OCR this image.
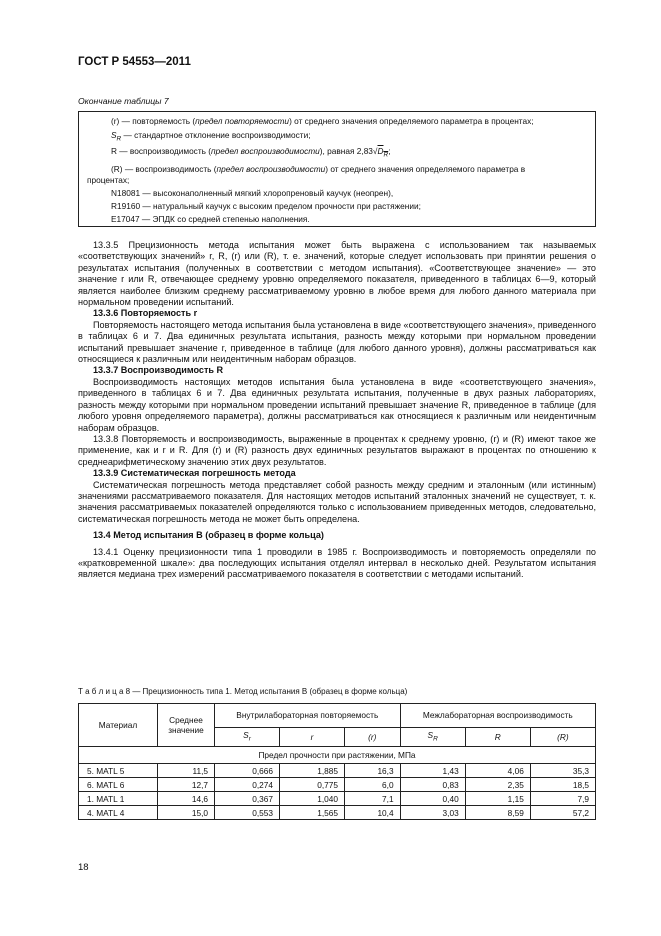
ГОСТ Р 54553—2011
Окончание таблицы 7
(r) — повторяемость (предел повторяемости) от среднего значения определяемого параметра в процентах;
$S_R$ — стандартное отклонение воспроизводимости;
R — воспроизводимость (предел воспроизводимости), равная $2,83√D_R$;
(R) — воспроизводимость (предел воспроизводимости) от среднего значения определяемого параметра в
процентах;
N18081 — высоконаполненный мягкий хлоропреновый каучук (неопрен),
R19160 — натуральный каучук с высоким пределом прочности при растяжении;
E17047 — ЭПДК со средней степенью наполнения.

13.3.5 Прецизионность метода испытания может быть выражена с использованием так называемых «соответствующих значений» r, R, (r) или (R), т. е. значений, которые следует использовать при принятии решения о результатах испытания (полученных в соответствии с методом испытания). «Соответствующее значение» — это значение r или R, отвечающее среднему уровню определяемого показателя, приведенного в таблицах 6—9, который является наиболее близким среднему рассматриваемому уровню в любое время для любого данного материала при нормальном проведении испытаний.

13.3.6 Повторяемость r

Повторяемость настоящего метода испытания была установлена в виде «соответствующего значения», приведенного в таблицах 6 и 7. Два единичных результата испытания, разность между которыми при нормальном проведении испытаний превышает значение r, приведенное в таблице (для любого данного уровня), должны рассматриваться как относящиеся к различным или неидентичным наборам образцов.

13.3.7 Воспроизводимость R

Воспроизводимость настоящих методов испытания была установлена в виде «соответствующего значения», приведенного в таблицах 6 и 7. Два единичных результата испытания, полученные в двух разных лабораториях, разность между которыми при нормальном проведении испытаний превышает значение R, приведенное в таблице (для любого уровня определяемого параметра), должны рассматриваться как относящиеся к различным или неидентичным наборам образцов.

13.3.8 Повторяемость и воспроизводимость, выраженные в процентах к среднему уровню, (r) и (R) имеют такое же применение, как и r и R. Для (r) и (R) разность двух единичных результатов выражают в процентах по отношению к среднеарифметическому значению этих двух результатов.

13.3.9 Систематическая погрешность метода

Систематическая погрешность метода представляет собой разность между средним и эталонным (или истинным) значениями рассматриваемого показателя. Для настоящих методов испытаний эталонных значений не существует, т. к. значения рассматриваемых показателей определяются только с использованием приведенных методов, следовательно, систематическая погрешность метода не может быть определена.

13.4 Метод испытания В (образец в форме кольца)

13.4.1 Оценку прецизионности типа 1 проводили в 1985 г. Воспроизводимость и повторяемость определяли по «кратковременной шкале»: два последующих испытания отделял интервал в несколько дней. Результатом испытания является медиана трех измерений рассматриваемого показателя в соответствии с методами испытаний.

Т а б л и ц а 8 — Прецизионность типа 1. Метод испытания В (образец в форме кольца)
Материал	Среднее значение	Внутрилабораторная повторяемость			Межлабораторная воспроизводимость		
		$S_r$	r	(r)	$S_R$	R	(R)
Предел прочности при растяжении, МПа							
5. MATL 5	11,5	0,666	1,885	16,3	1,43	4,06	35,3
6. MATL 6	12,7	0,274	0,775	6,0	0,83	2,35	18,5
1. MATL 1	14,6	0,367	1,040	7,1	0,40	1,15	7,9
4. MATL 4	15,0	0,553	1,565	10,4	3,03	8,59	57,2
18
